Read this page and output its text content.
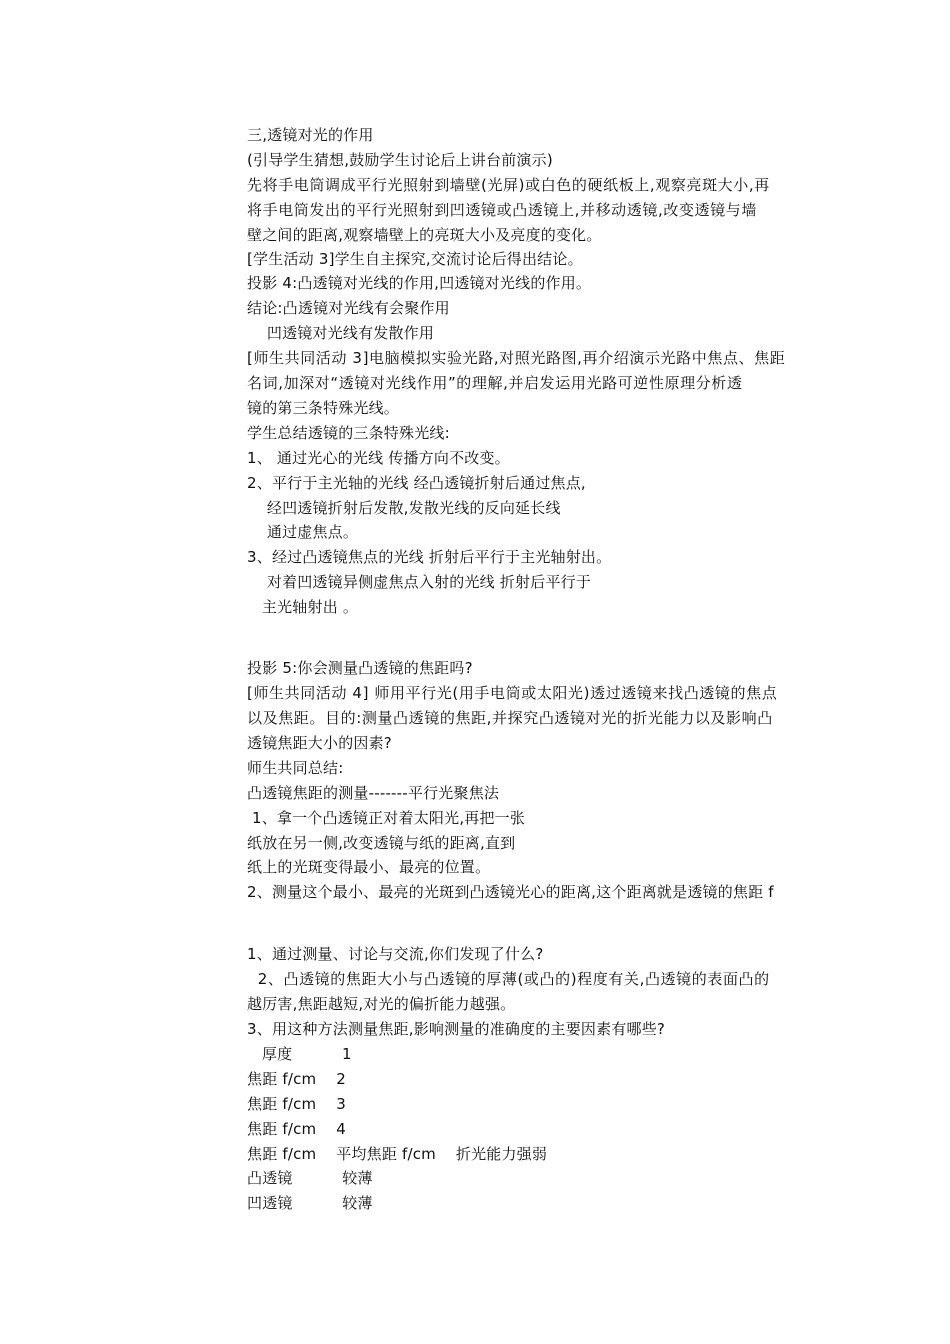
三,透镜对光的作用
(引导学生猜想,鼓励学生讨论后上讲台前演示)
先将手电筒调成平行光照射到墙壁(光屏)或白色的硬纸板上,观察亮斑大小,再
将手电筒发出的平行光照射到凹透镜或凸透镜上,并移动透镜,改变透镜与墙
壁之间的距离,观察墙壁上的亮斑大小及亮度的变化。
[学生活动 3]学生自主探究,交流讨论后得出结论。
投影 4:凸透镜对光线的作用,凹透镜对光线的作用。
结论:凸透镜对光线有会聚作用
凹透镜对光线有发散作用
[师生共同活动 3]电脑模拟实验光路,对照光路图,再介绍演示光路中焦点、焦距
名词,加深对“透镜对光线作用”的理解,并启发运用光路可逆性原理分析透
镜的第三条特殊光线。
学生总结透镜的三条特殊光线:
1、 通过光心的光线 传播方向不改变。
2、平行于主光轴的光线 经凸透镜折射后通过焦点,
经凹透镜折射后发散,发散光线的反向延长线
通过虚焦点。
3、经过凸透镜焦点的光线 折射后平行于主光轴射出。
对着凹透镜异侧虚焦点入射的光线 折射后平行于
主光轴射出 。
投影 5:你会测量凸透镜的焦距吗?
[师生共同活动 4] 师用平行光(用手电筒或太阳光)透过透镜来找凸透镜的焦点
以及焦距。目的:测量凸透镜的焦距,并探究凸透镜对光的折光能力以及影响凸
透镜焦距大小的因素?
师生共同总结:
凸透镜焦距的测量-------平行光聚焦法
1、拿一个凸透镜正对着太阳光,再把一张
纸放在另一侧,改变透镜与纸的距离,直到
纸上的光斑变得最小、最亮的位置。
2、测量这个最小、最亮的光斑到凸透镜光心的距离,这个距离就是透镜的焦距 f
1、通过测量、讨论与交流,你们发现了什么?
2、凸透镜的焦距大小与凸透镜的厚薄(或凸的)程度有关,凸透镜的表面凸的
越厉害,焦距越短,对光的偏折能力越强。
3、用这种方法测量焦距,影响测量的准确度的主要因素有哪些?
厚度          1
焦距 f/cm    2
焦距 f/cm    3
焦距 f/cm    4
焦距 f/cm    平均焦距 f/cm    折光能力强弱
凸透镜          较薄
凹透镜          较薄
